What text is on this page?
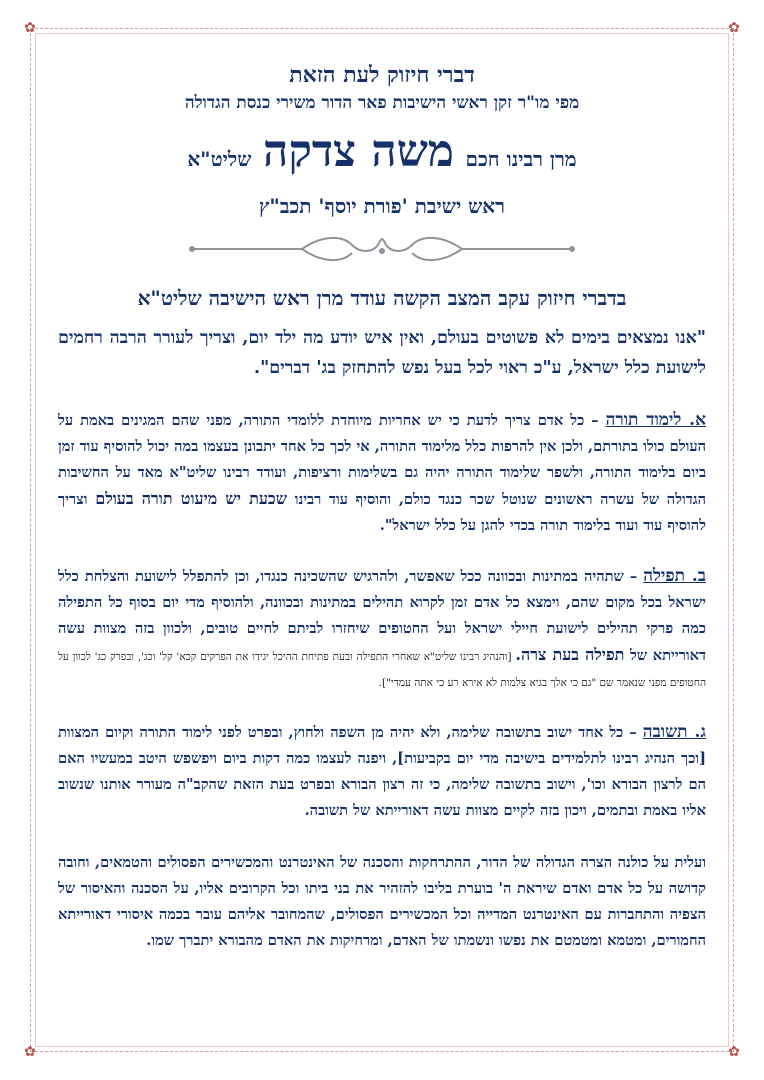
✿	✿
✿	✿
דברי חיזוק לעת הזאת
מפי מו"ר זקן ראשי הישיבות פאר הדור משירי כנסת הגדולה
מרן רבינו חכם משה צדקה שליט"א
ראש ישיבת 'פורת יוסף' תכב"ץ
בדברי חיזוק עקב המצב הקשה עודד מרן ראש הישיבה שליט"א
"אנו נמצאים בימים לא פשוטים בעולם, ואין איש יודע מה ילד יום, וצריך לעורר הרבה רחמים לישועת כלל ישראל, ע"כ ראוי לכל בעל נפש להתחזק בג' דברים".
א. לימוד תורה – כל אדם צריך לדעת כי יש אחריות מיוחדת ללומדי התורה, מפני שהם המגינים באמת על העולם כולו בתורתם, ולכן אין להרפות כלל מלימוד התורה, אי לכך כל אחד יתבונן בעצמו במה יכול להוסיף עוד זמן ביום בלימוד התורה, ולשפר שלימוד התורה יהיה גם בשלימות ורציפות, ועודד רבינו שליט"א מאד על החשיבות הגדולה של עשרה ראשונים שנוטל שכר כנגד כולם, והוסיף עוד רבינו שכעת יש מיעוט תורה בעולם וצריך להוסיף עוד ועוד בלימוד תורה בכדי להגן על כלל ישראל".
ב. תפילה – שתהיה במתינות ובכוונה ככל שאפשר, ולהרגיש שהשכינה כנגדו, וכן להתפלל לישועת והצלחת כלל ישראל בכל מקום שהם, וימצא כל אדם זמן לקרוא תהילים במתינות ובכוונה, ולהוסיף מדי יום בסוף כל התפילה כמה פרקי תהילים לישועת חיילי ישראל ועל החטופים שיחזרו לביתם לחיים טובים, ולכוון בזה מצוות עשה דאורייתא של תפילה בעת צרה. [והנהיג רבינו שליט"א שאחרי התפילה ובעת פתיחת ההיכל יגידו את הפרקים קכא' קל' וכג', ובפרק כג' לכוון על החטופים מפני שנאמר שם "גם כי אלך בגיא צלמות לא אירא רע כי אתה עמדי"].
ג. תשובה – כל אחד ישוב בתשובה שלימה, ולא יהיה מן השפה ולחוץ, ובפרט לפני לימוד התורה וקיום המצוות [וכך הנהיג רבינו לתלמידים בישיבה מדי יום בקביעות], ויפנה לעצמו כמה דקות ביום ויפשפש היטב במעשיו האם הם לרצון הבורא וכו', וישוב בתשובה שלימה, כי זה רצון הבורא ובפרט בעת הזאת שהקב"ה מעורר אותנו שנשוב אליו באמת ובתמים, ויכון בזה לקיים מצוות עשה דאורייתא של תשובה.
ועלית על כולנה הצרה הגדולה של הדור, ההתרחקות והסכנה של האינטרנט והמכשירים הפסולים והטמאים, וחובה קדושה על כל אדם ואדם שיראת ה' בוערת בליבו להזהיר את בני ביתו וכל הקרובים אליו, על הסכנה והאיסור של הצפיה והתחברות עם האינטרנט המדייה וכל המכשירים הפסולים, שהמחובר אליהם עובר בכמה איסורי דאורייתא החמורים, ומטמא ומטמטם את נפשו ונשמתו של האדם, ומרחיקות את האדם מהבורא יתברך שמו.
